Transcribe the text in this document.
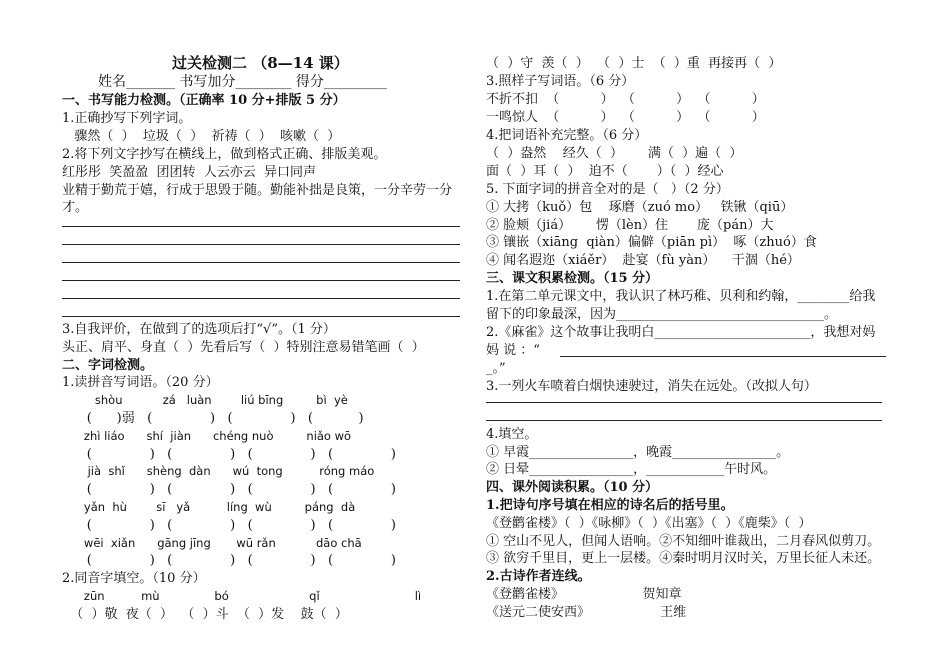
过关检测二 （8—14 课）
姓名_______ 书写加分________ 得分_________
一、书写能力检测。（正确率 10 分+排版 5 分）
1.正确抄写下列字词。
骤然（  ）  垃圾（  ）  祈祷（  ）  咳嗽（  ）
2.将下列文字抄写在横线上，做到格式正确、排版美观。
红彤彤  笑盈盈  团团转  人云亦云  异口同声
业精于勤荒于嬉，行成于思毁于随。勤能补拙是良策，一分辛劳一分
才。
3.自我评价，在做到了的选项后打“√”。（1 分）
头正、肩平、身直（  ）先看后写（  ）特别注意易错笔画（  ）
二、字词检测。
1.读拼音写词语。（20 分）
shòu           zá   luàn        liú bīng         bì  yè
(      )弱   (              )   (              )   (           )
zhì liáo      shí  jiàn      chéng nuò         niǎo wō
(              )   (              )   (              )   (              )
jià  shǐ      shèng  dàn      wú  tong          róng máo
(              )   (              )   (              )   (              )
yǎn  hù        sī   yǎ          líng  wù         páng  dà
(              )   (              )   (              )   (              )
wēi  xiǎn      gāng jīng       wū rǎn           dāo chā
(              )   (              )   (              )   (              )
2.同音字填空。（10 分）
zūn          mù               bó                      qǐ                          lì
（  ）敬  夜（  ）  （  ）斗  （  ）发    鼓（  ）
（  ）守  羡（  ）  （  ）士  （  ）重  再接再（  ）
3.照样子写词语。（6 分）
不折不扣  （          ）  （          ）  （          ）
一鸣惊人  （          ）  （          ）  （          ）
4.把词语补充完整。（6 分）
（  ）盎然    经久（  ）      满（  ）遍（  ）
面（  ）耳（  ）  迫不（       ）（  ）经心
5. 下面字词的拼音全对的是（   ）（2 分）
① 大拷（kuǒ）包    琢磨（zuó mo）   铁锹（qiū）
② 脸颊（jiá）      愣（lèn）住       庞（pán）大
③ 镶嵌（xiāng  qiàn）偏僻（piān pì）  啄（zhuó）食
④ 闻名遐迩（xiáěr）  赴宴（fù yàn）    干涸（hé）
三、课文积累检测。（15 分）
1.在第二单元课文中，我认识了林巧稚、贝利和约翰，________给我
留下的印象最深，因为________________________________。
2.《麻雀》这个故事让我明白________________________，我想对妈
妈 说 ：“
_。”
3.一列火车喷着白烟快速驶过，消失在远处。（改拟人句）
4.填空。
① 早霞________________，晚霞________________。
② 日晕________________，____________午时风。
四、课外阅读积累。（10 分）
1.把诗句序号填在相应的诗名后的括号里。
《登鹳雀楼》（  ）《咏柳》（  ）《出塞》（  ）《鹿柴》（  ）
① 空山不见人，但闻人语响。②不知细叶谁裁出，二月春风似剪刀。
③ 欲穷千里目，更上一层楼。④秦时明月汉时关，万里长征人未还。
2.古诗作者连线。
《登鹳雀楼》                   贺知章
《送元二使安西》                 王维
